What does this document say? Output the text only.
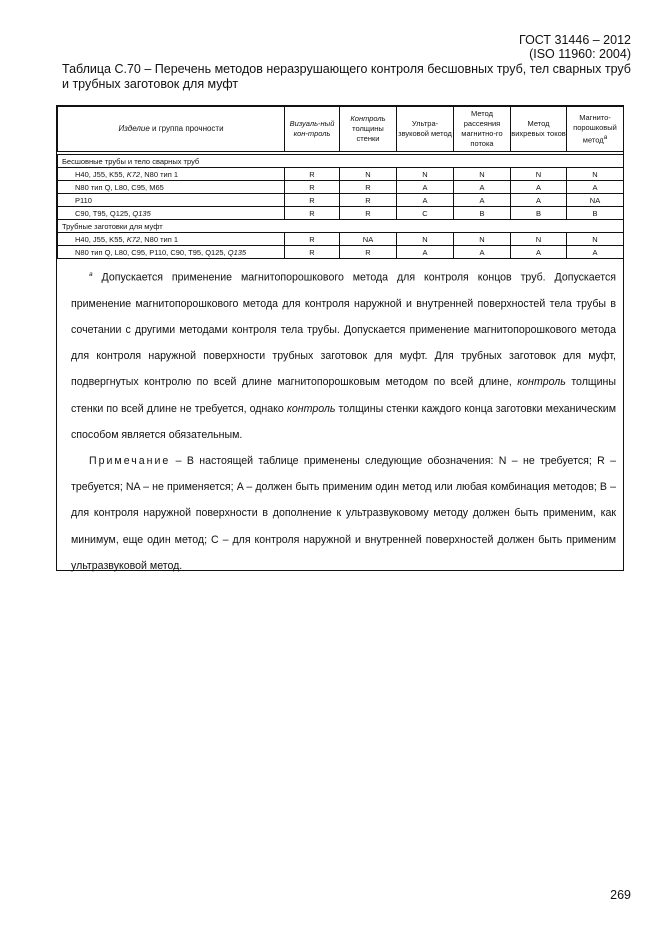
ГОСТ 31446 – 2012
(ISO 11960: 2004)
Таблица С.70 – Перечень методов неразрушающего контроля бесшовных труб, тел сварных труб и трубных заготовок для муфт
Изделие и группа прочности	Визуаль-ный кон-троль	Контроль
толщины стенки	Ультра-звуковой метод	Метод рассеяния магнитно-го потока	Метод вихревых токов	Магнито-порошковый методa

Бесшовные трубы и тело сварных труб						
H40, J55, K55, K72, N80 тип 1	R	N	N	N	N	N
N80 тип Q, L80, C95, M65	R	R	A	A	A	A
P110	R	R	A	A	A	NA
C90, T95, Q125, Q135	R	R	C	B	B	B
Трубные заготовки для муфт						
H40, J55, K55, K72, N80 тип 1	R	NA	N	N	N	N
N80 тип Q, L80, C95, P110, C90, T95, Q125, Q135	R	R	A	A	A	A

$^a$ Допускается применение магнитопорошкового метода для контроля концов труб. Допускается применение магнитопорошкового метода для контроля наружной и внутренней поверхностей тела трубы в сочетании с другими методами контроля тела трубы. Допускается применение магнитопорошкового метода для контроля наружной поверхности трубных заготовок для муфт. Для трубных заготовок для муфт, подвергнутых контролю по всей длине магнитопорошковым методом по всей длине, контроль толщины стенки по всей длине не требуется, однако контроль толщины стенки каждого конца заготовки механическим способом является обязательным.

Примечание – В настоящей таблице применены следующие обозначения: N – не требуется; R – требуется; NA – не применяется; A – должен быть применим один метод или любая комбинация методов; B – для контроля наружной поверхности в дополнение к ультразвуковому методу должен быть применим, как минимум, еще один метод; C – для контроля наружной и внутренней поверхностей должен быть применим ультразвуковой метод.

269
